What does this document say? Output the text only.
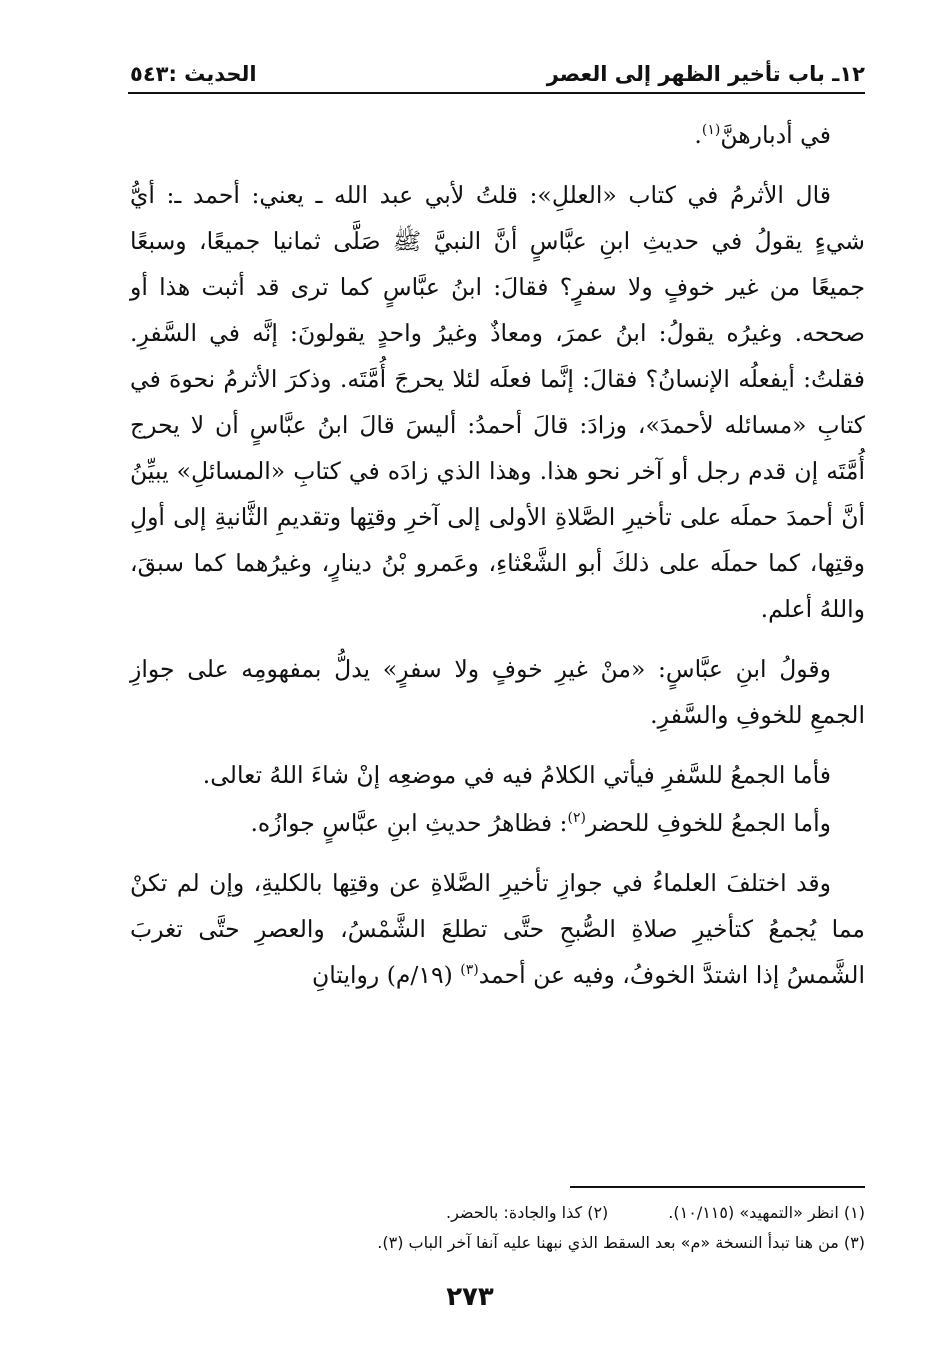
١٢ـ باب تأخير الظهر إلى العصر
الحديث :٥٤٣

في أدبارهنَّ$^{(١)}$.

قال الأثرمُ في كتاب «العللِ»: قلتُ لأبي عبد الله ـ يعني: أحمد ـ: أيُّ شيءٍ يقولُ في حديثِ ابنِ عبَّاسٍ أنَّ النبيَّ ﷺ صَلَّى ثمانيا جميعًا، وسبعًا جميعًا من غير خوفٍ ولا سفرٍ؟ فقالَ: ابنُ عبَّاسٍ كما ترى قد أثبت هذا أو صححه. وغيرُه يقولُ: ابنُ عمرَ، ومعاذٌ وغيرُ واحدٍ يقولونَ: إنَّه في السَّفرِ. فقلتُ: أيفعلُه الإنسانُ؟ فقالَ: إنَّما فعلَه لئلا يحرجَ أُمَّتَه. وذكرَ الأثرمُ نحوهَ في كتابِ «مسائله لأحمدَ»، وزادَ: قالَ أحمدُ: أليسَ قالَ ابنُ عبَّاسٍ أن لا يحرج أُمَّتَه إن قدم رجل أو آخر نحو هذا. وهذا الذي زادَه في كتابِ «المسائلِ» يبيِّنُ أنَّ أحمدَ حملَه على تأخيرِ الصَّلاةِ الأولى إلى آخرِ وقتِها وتقديمِ الثَّانيةِ إلى أولِ وقتِها، كما حملَه على ذلكَ أبو الشَّعْثاءِ، وعَمرو بْنُ دينارٍ، وغيرُهما كما سبقَ، واللهُ أعلم.

وقولُ ابنِ عبَّاسٍ: «منْ غيرِ خوفٍ ولا سفرٍ» يدلُّ بمفهومِه على جوازِ الجمعِ للخوفِ والسَّفرِ.

فأما الجمعُ للسَّفرِ فيأتي الكلامُ فيه في موضعِه إنْ شاءَ اللهُ تعالى.

وأما الجمعُ للخوفِ للحضر$^{(٢)}$: فظاهرُ حديثِ ابنِ عبَّاسٍ جوازُه.

وقد اختلفَ العلماءُ في جوازِ تأخيرِ الصَّلاةِ عن وقتِها بالكليةِ، وإن لم تكنْ مما يُجمعُ كتأخيرِ صلاةِ الصُّبحِ حتَّى تطلعَ الشَّمْسُ، والعصرِ حتَّى تغربَ الشَّمسُ إذا اشتدَّ الخوفُ، وفيه عن أحمد$^{(٣)}$ (١٩/م) روايتانِ

(١) انظر «التمهيد» (١٠/١١٥).
(٢) كذا والجادة: بالحضر.
(٣) من هنا تبدأ النسخة «م» بعد السقط الذي نبهنا عليه آنفا آخر الباب (٣).
٢٧٣
